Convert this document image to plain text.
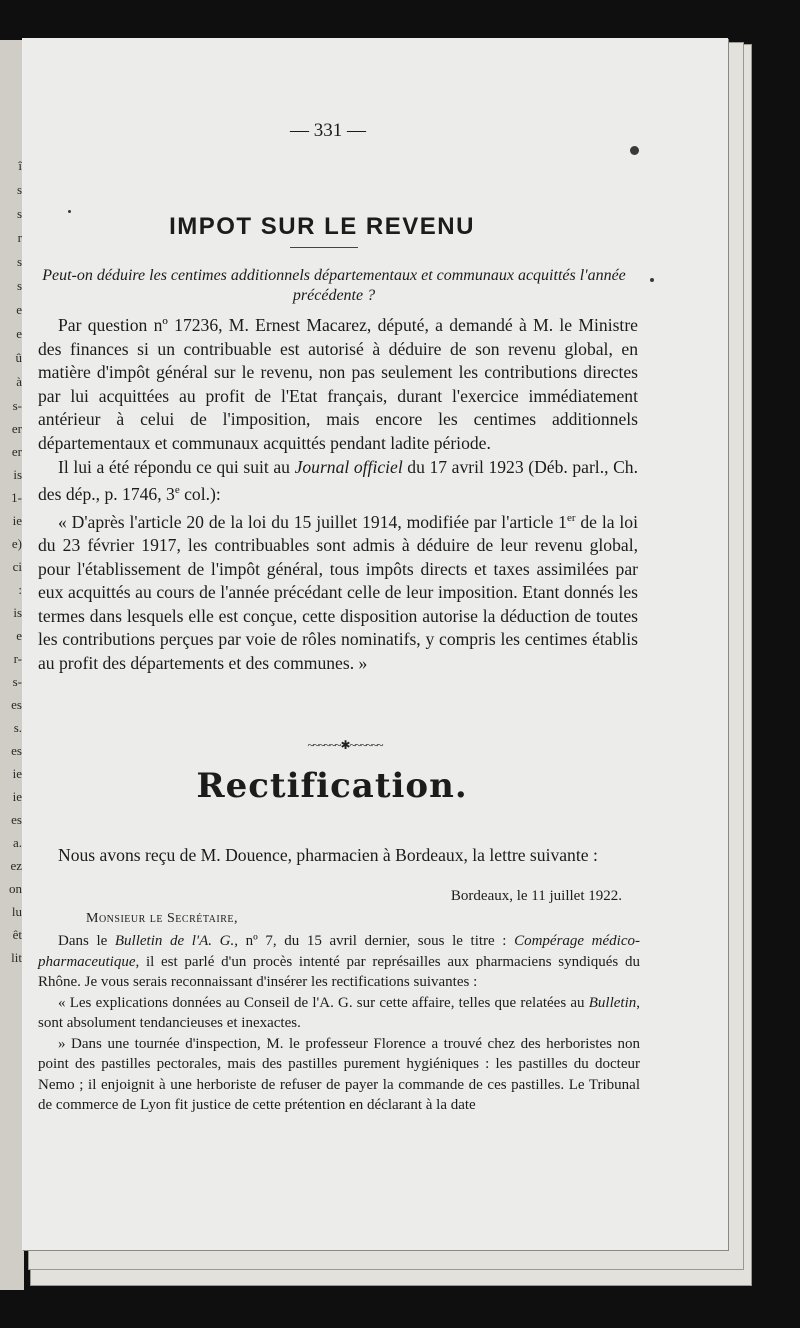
î
s
s
r
s
s
e
e
û
à
s-
er
er
is
1-
ie
e)
ci
:
is
e
r-
s-
es
s.
es
ie
ie
es
a.
ez
on
lu
êt
lit
— 331 —
IMPOT SUR LE REVENU
Peut-on déduire les centimes additionnels départementaux et communaux acquittés l'année précédente ?

Par question nº 17236, M. Ernest Macarez, député, a demandé à M. le Ministre des finances si un contribuable est autorisé à déduire de son revenu global, en matière d'impôt général sur le revenu, non pas seulement les contributions directes par lui acquittées au profit de l'Etat français, durant l'exercice immédiatement antérieur à celui de l'imposition, mais encore les centimes additionnels départementaux et communaux acquittés pendant ladite période.

Il lui a été répondu ce qui suit au Journal officiel du 17 avril 1923 (Déb. parl., Ch. des dép., p. 1746, 3e col.):

« D'après l'article 20 de la loi du 15 juillet 1914, modifiée par l'article 1er de la loi du 23 février 1917, les contribuables sont admis à déduire de leur revenu global, pour l'établissement de l'impôt général, tous impôts directs et taxes assimilées par eux acquittés au cours de l'année précédant celle de leur imposition. Etant donnés les termes dans lesquels elle est conçue, cette disposition autorise la déduction de toutes les contributions perçues par voie de rôles nominatifs, y compris les centimes établis au profit des départements et des communes. »

~~~~~~✱~~~~~~
Rectification.

Nous avons reçu de M. Douence, pharmacien à Bordeaux, la lettre suivante :

Bordeaux, le 11 juillet 1922.
Monsieur le Secrétaire,

Dans le Bulletin de l'A. G., nº 7, du 15 avril dernier, sous le titre : Compérage médico-pharmaceutique, il est parlé d'un procès intenté par représailles aux pharmaciens syndiqués du Rhône. Je vous serais reconnaissant d'insérer les rectifications suivantes :

« Les explications données au Conseil de l'A. G. sur cette affaire, telles que relatées au Bulletin, sont absolument tendancieuses et inexactes.

» Dans une tournée d'inspection, M. le professeur Florence a trouvé chez des herboristes non point des pastilles pectorales, mais des pastilles purement hygiéniques : les pastilles du docteur Nemo ; il enjoignit à une herboriste de refuser de payer la commande de ces pastilles. Le Tribunal de commerce de Lyon fit justice de cette prétention en déclarant à la date
